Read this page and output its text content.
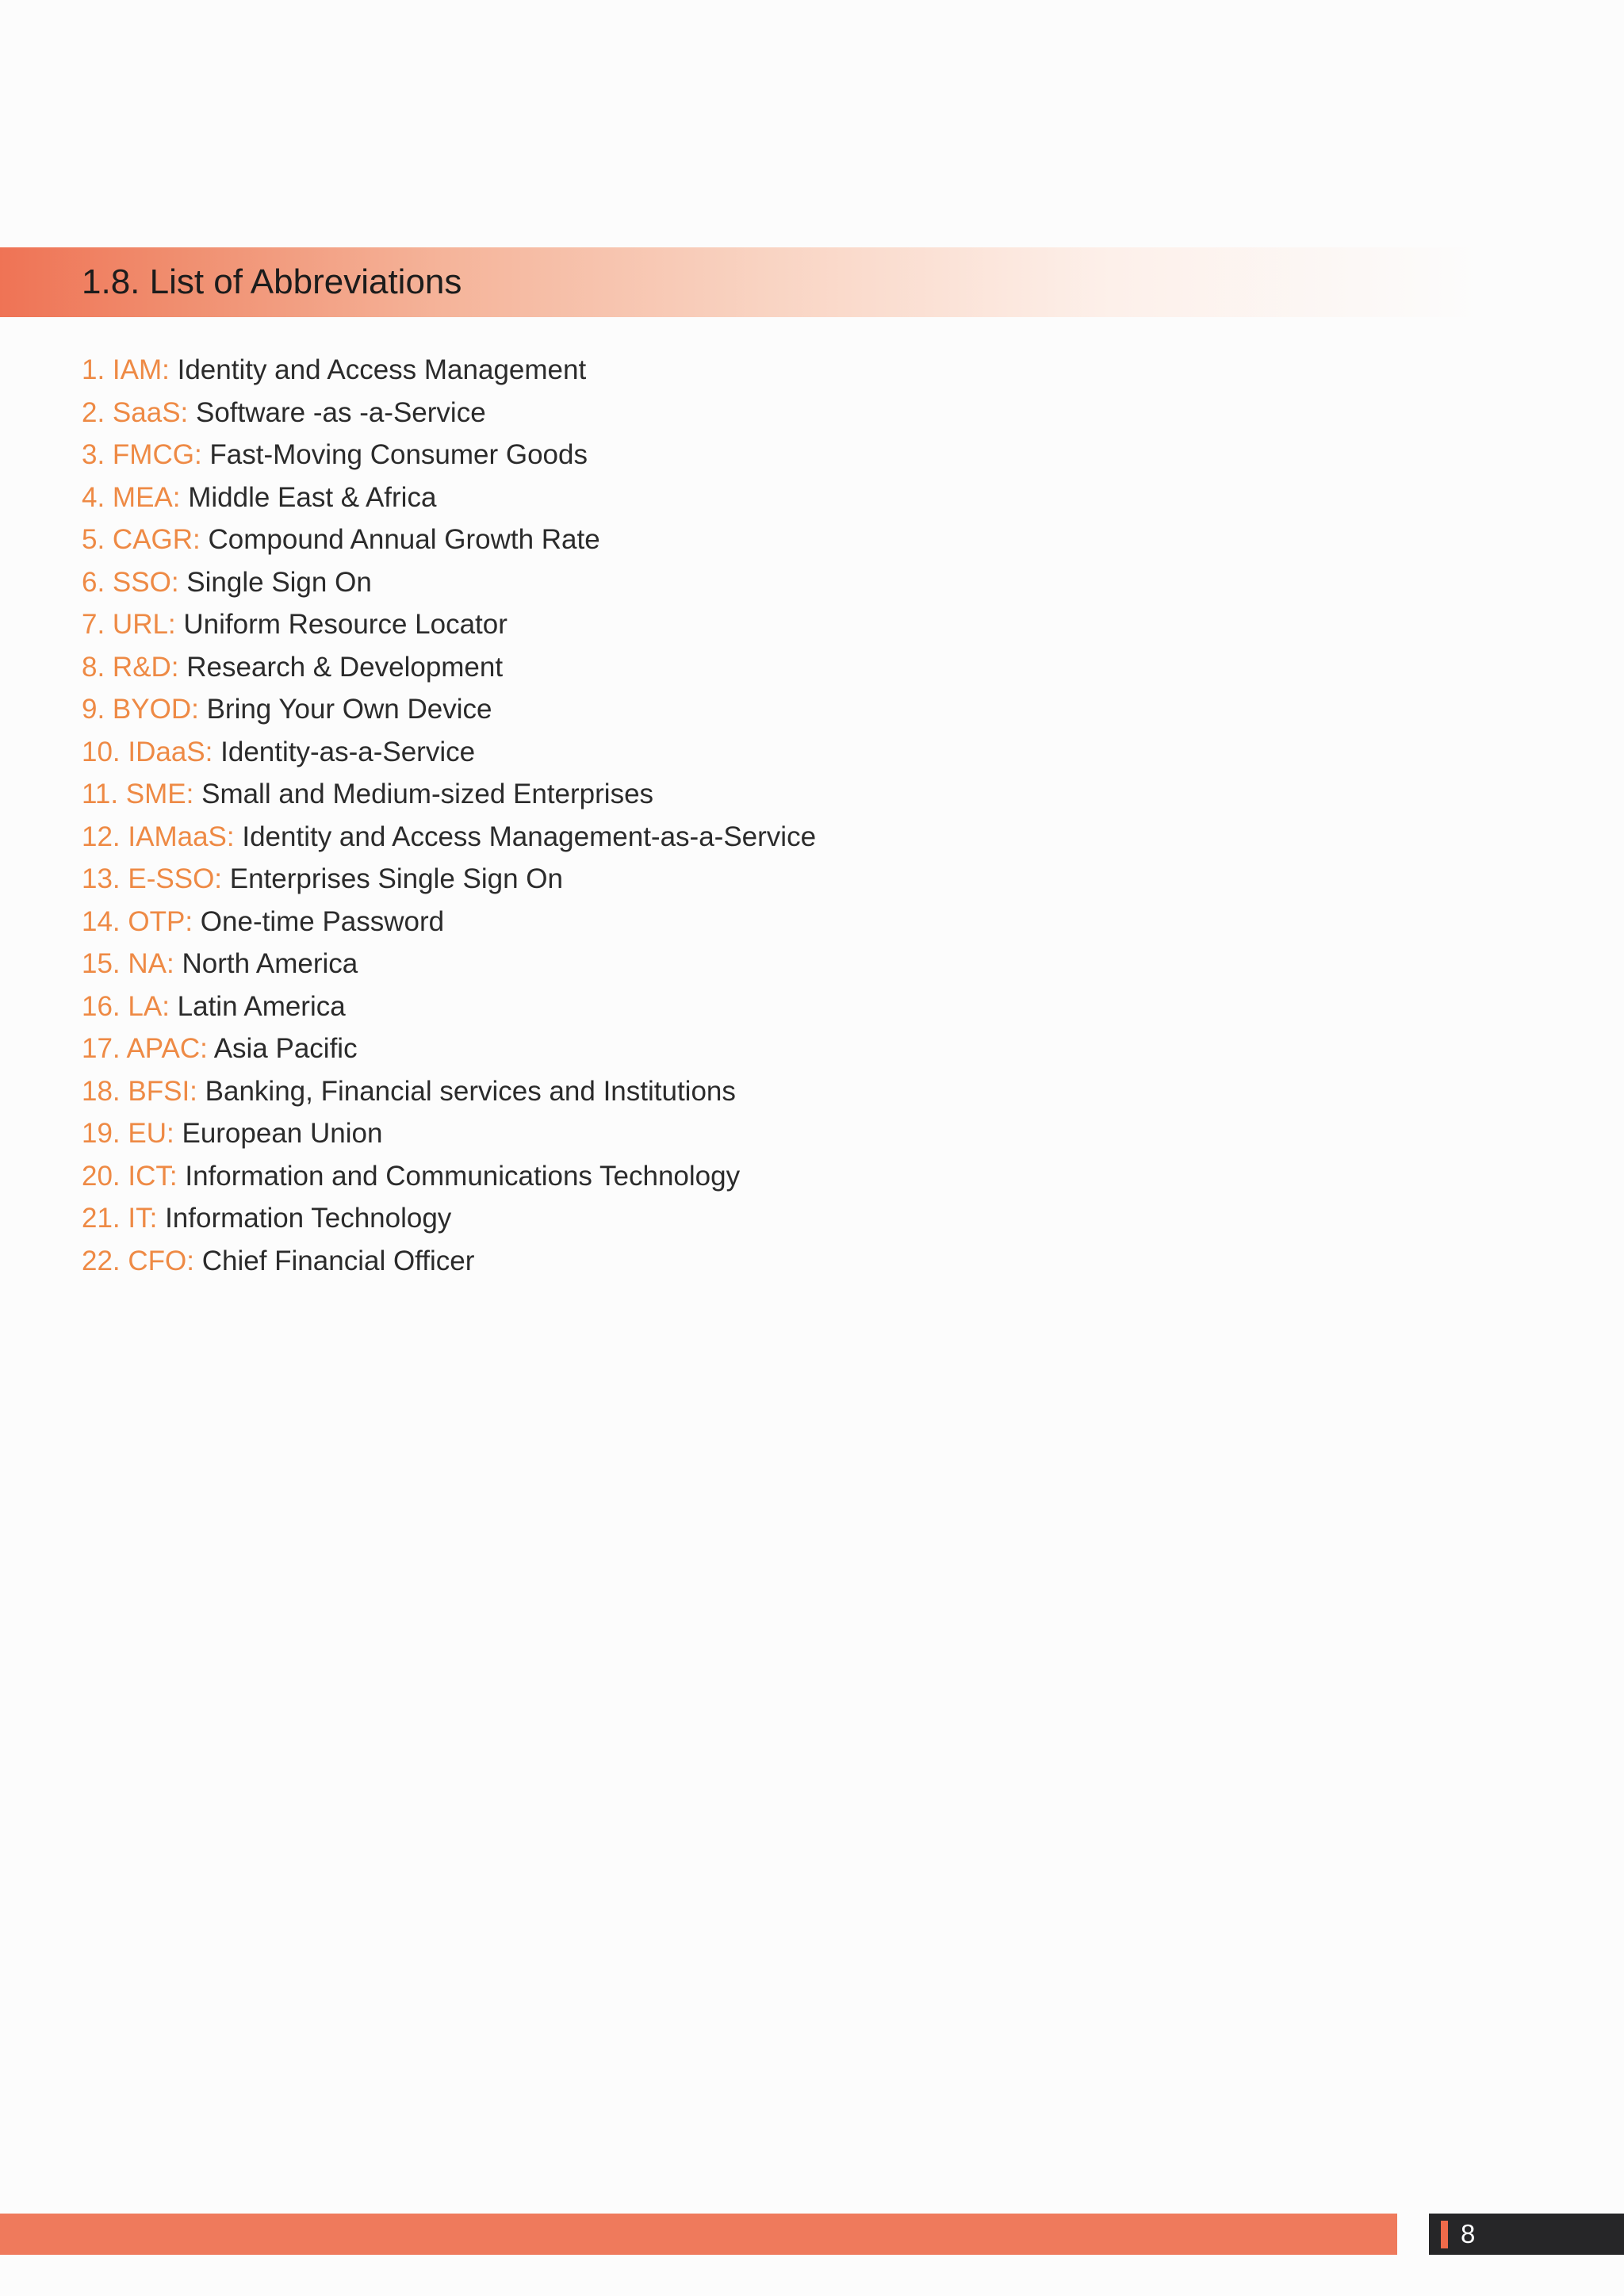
1.8. List of Abbreviations
1. IAM: Identity and Access Management
2. SaaS: Software -as -a-Service
3. FMCG: Fast-Moving Consumer Goods
4. MEA: Middle East & Africa
5. CAGR: Compound Annual Growth Rate
6. SSO: Single Sign On
7. URL: Uniform Resource Locator
8. R&D: Research & Development
9. BYOD: Bring Your Own Device
10. IDaaS: Identity-as-a-Service
11. SME: Small and Medium-sized Enterprises
12. IAMaaS: Identity and Access Management-as-a-Service
13. E-SSO: Enterprises Single Sign On
14. OTP: One-time Password
15. NA: North America
16. LA: Latin America
17. APAC: Asia Pacific
18. BFSI: Banking, Financial services and Institutions
19. EU: European Union
20. ICT: Information and Communications Technology
21. IT: Information Technology
22. CFO: Chief Financial Officer
8
